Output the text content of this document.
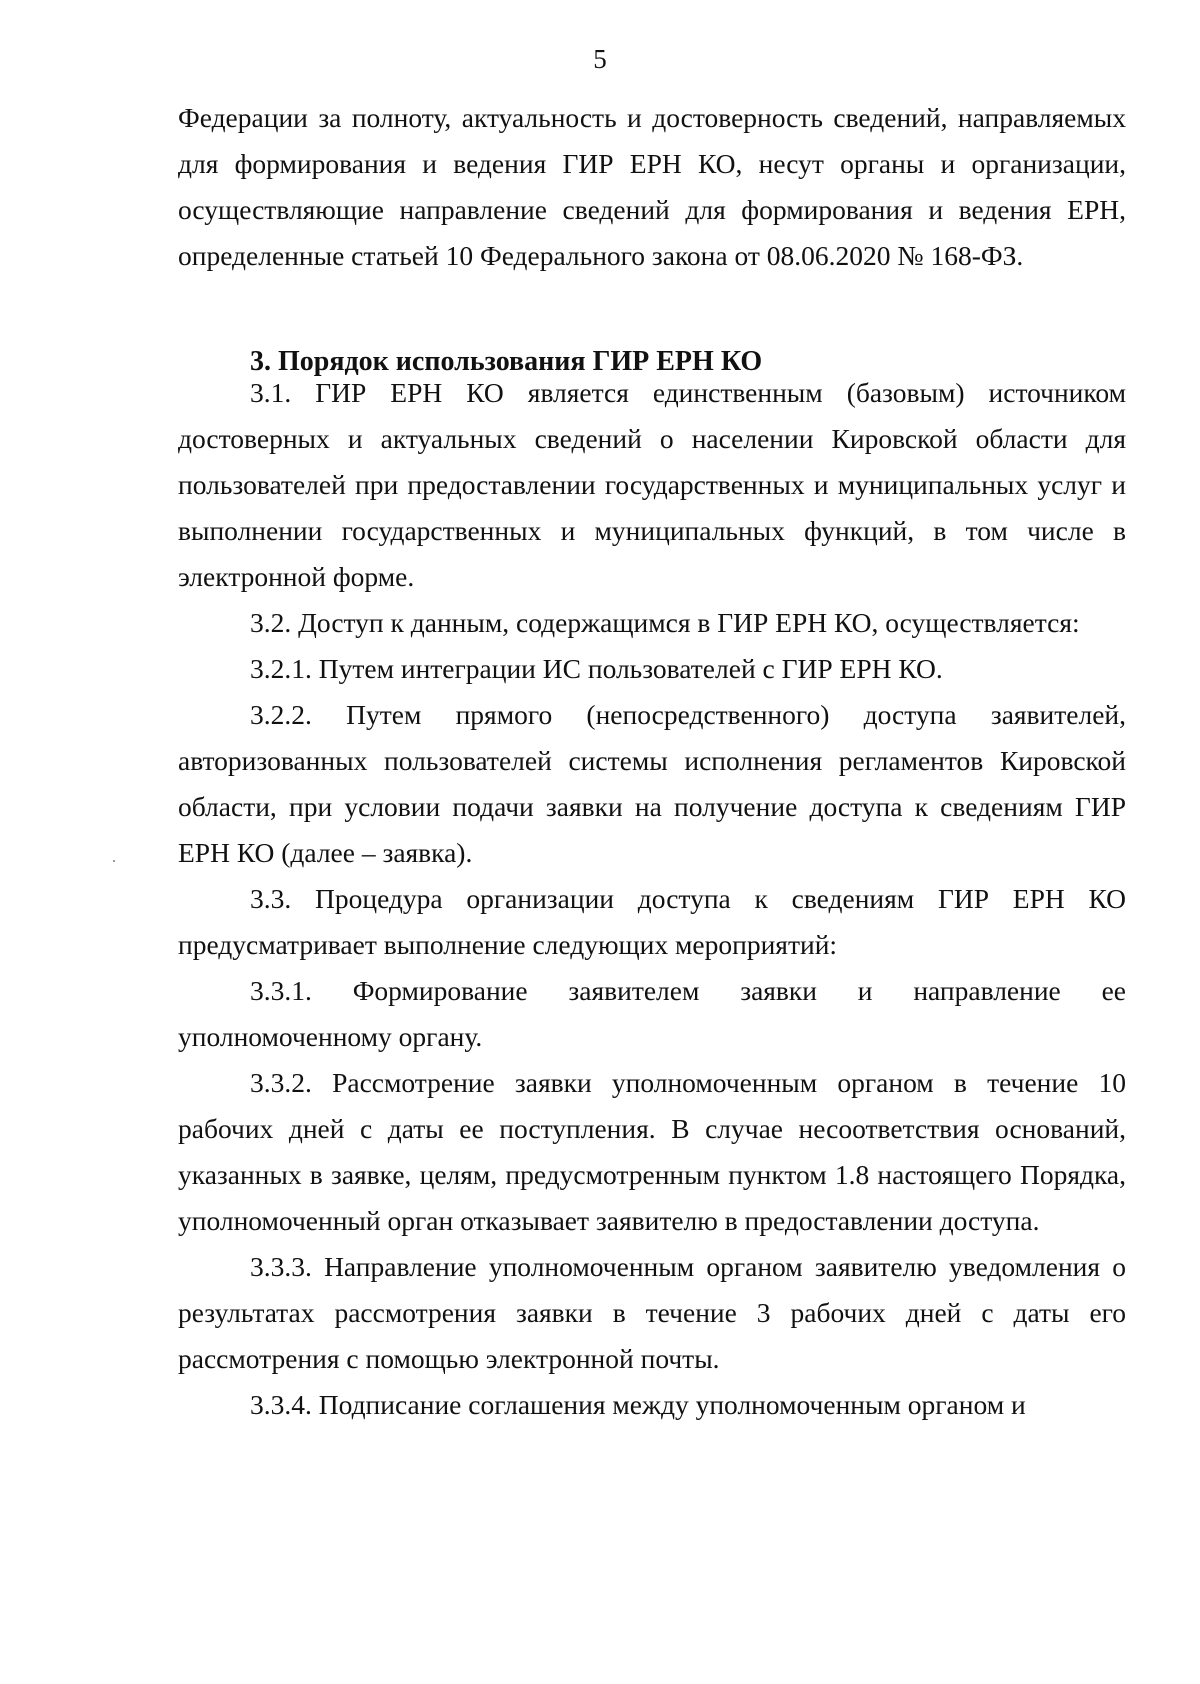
5

Федерации за полноту, актуальность и достоверность сведений, направляемых для формирования и ведения ГИР ЕРН КО, несут органы и организации, осуществляющие направление сведений для формирования и ведения ЕРН, определенные статьей 10 Федерального закона от 08.06.2020 № 168-ФЗ.

3. Порядок использования ГИР ЕРН КО

3.1. ГИР ЕРН КО является единственным (базовым) источником достоверных и актуальных сведений о населении Кировской области для пользователей при предоставлении государственных и муниципальных услуг и выполнении государственных и муниципальных функций, в том числе в электронной форме.

3.2. Доступ к данным, содержащимся в ГИР ЕРН КО, осуществляется:

3.2.1. Путем интеграции ИС пользователей с ГИР ЕРН КО.

3.2.2. Путем прямого (непосредственного) доступа заявителей, авторизованных пользователей системы исполнения регламентов Кировской области, при условии подачи заявки на получение доступа к сведениям ГИР ЕРН КО (далее – заявка).

3.3. Процедура организации доступа к сведениям ГИР ЕРН КО предусматривает выполнение следующих мероприятий:

3.3.1. Формирование заявителем заявки и направление ее уполномоченному органу.

3.3.2. Рассмотрение заявки уполномоченным органом в течение 10 рабочих дней с даты ее поступления. В случае несоответствия оснований, указанных в заявке, целям, предусмотренным пунктом 1.8 настоящего Порядка, уполномоченный орган отказывает заявителю в предоставлении доступа.

3.3.3. Направление уполномоченным органом заявителю уведомления о результатах рассмотрения заявки в течение 3 рабочих дней с даты его рассмотрения с помощью электронной почты.

3.3.4. Подписание соглашения между уполномоченным органом и
